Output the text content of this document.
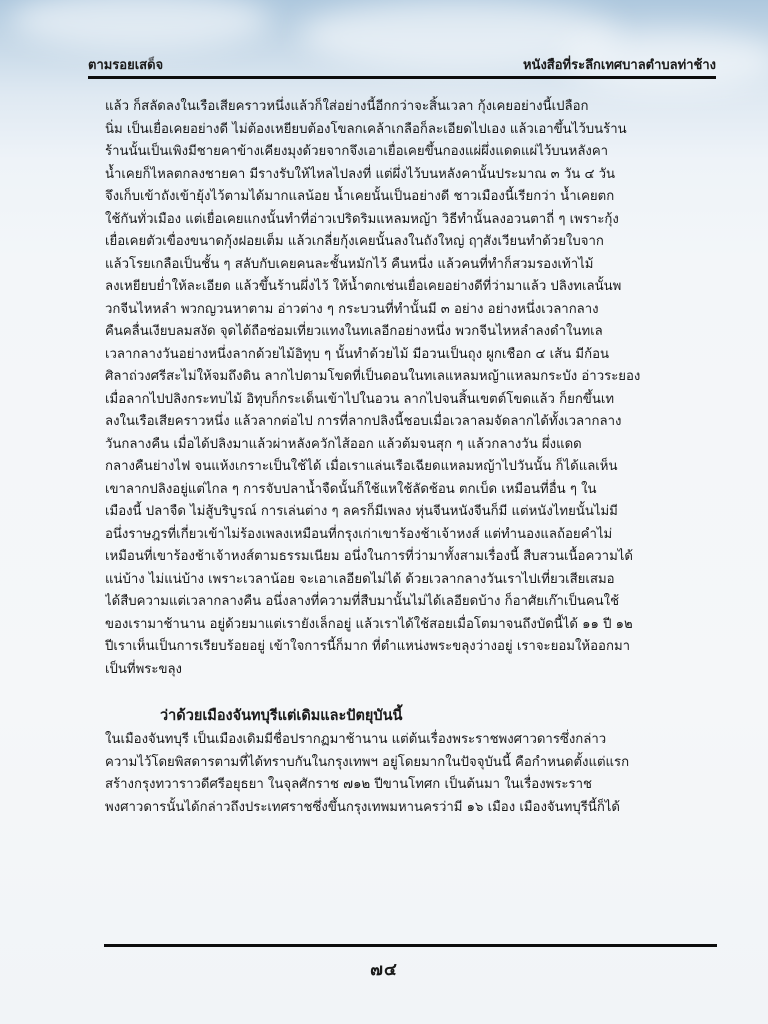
ตามรอยเสด็จ	หนังสือที่ระลึกเทศบาลตำบลท่าช้าง
แล้ว ก็สลัดลงในเรือเสียคราวหนึ่งแล้วก็ใส่อย่างนี้อีกกว่าจะสิ้นเวลา กุ้งเคยอย่างนี้เปลือก
นิ่ม เป็นเยื่อเคยอย่างดี ไม่ต้องเหยียบต้องโขลกเคล้าเกลือก็ละเอียดไปเอง แล้วเอาขึ้นไว้บนร้าน
ร้านนั้นเป็นเพิงมีชายคาข้างเคียงมุงด้วยจากจึงเอาเยื่อเคยขึ้นกองแผ่ผึ่งแดดแผ่ไว้บนหลังคา
น้ำเคยก็ไหลตกลงชายคา มีรางรับให้ไหลไปลงที่ แต่ผึ่งไว้บนหลังคานั้นประมาณ ๓ วัน ๔ วัน
จึงเก็บเข้าถังเข้ายุ้งไว้ตามได้มากแลน้อย น้ำเคยนั้นเป็นอย่างดี ชาวเมืองนี้เรียกว่า น้ำเคยตก
ใช้กันทั่วเมือง แต่เยื่อเคยแกงนั้นทำที่อ่าวเปริดริมแหลมหญ้า วิธีทำนั้นลงอวนตาถี่ ๆ เพราะกุ้ง
เยื่อเคยตัวเขื่องขนาดกุ้งฝอยเต็ม แล้วเกลี่ยกุ้งเคยนั้นลงในถังใหญ่ ฤๅสังเวียนทำด้วยใบจาก
แล้วโรยเกลือเป็นชั้น ๆ สลับกับเคยคนละชั้นหมักไว้ คืนหนึ่ง แล้วคนที่ทำก็สวมรองเท้าไม้
ลงเหยียบย่ำให้ละเอียด แล้วขึ้นร้านผึ่งไว้ ให้น้ำตกเช่นเยื่อเคยอย่างดีที่ว่ามาแล้ว ปลิงทเลนั้นพ
วกจีนไหหลำ พวกญวนหาตาม อ่าวต่าง ๆ กระบวนที่ทำนั้นมี ๓ อย่าง อย่างหนึ่งเวลากลาง
คืนคลื่นเงียบลมสงัด จุดไต้ถือซ่อมเที่ยวแทงในทเลอีกอย่างหนึ่ง พวกจีนไหหลำลงดำในทเล
เวลากลางวันอย่างหนึ่งลากด้วยไม้อิทุบ ๆ นั้นทำด้วยไม้ มีอวนเป็นถุง ผูกเชือก ๔ เส้น มีก้อน
ศิลาถ่วงศรีสะไม่ให้จมถึงดิน ลากไปตามโขดที่เป็นดอนในทเลแหลมหญ้าแหลมกระบัง อ่าวระยอง
เมื่อลากไปปลิงกระทบไม้ อิทุบก็กระเด็นเข้าไปในอวน ลากไปจนสิ้นเขตต์โขดแล้ว ก็ยกขึ้นเท
ลงในเรือเสียคราวหนึ่ง แล้วลากต่อไป การที่ลากปลิงนี้ชอบเมื่อเวลาลมจัดลากได้ทั้งเวลากลาง
วันกลางคืน เมื่อได้ปลิงมาแล้วผ่าหลังควักไส้ออก แล้วต้มจนสุก ๆ แล้วกลางวัน ผึ่งแดด
กลางคืนย่างไฟ จนแห้งเกราะเป็นใช้ได้ เมื่อเราแล่นเรือเฉียดแหลมหญ้าไปวันนั้น ก็ได้แลเห็น
เขาลากปลิงอยู่แต่ไกล ๆ การจับปลาน้ำจืดนั้นก็ใช้แหใช้ลัดช้อน ตกเบ็ด เหมือนที่อื่น ๆ ใน
เมืองนี้ ปลาจืด ไม่สู้บริบูรณ์ การเล่นต่าง ๆ ลครก็มีเพลง หุ่นจีนหนังจีนก็มี แต่หนังไทยนั้นไม่มี
อนึ่งราษฎรที่เกี่ยวเข้าไม่ร้องเพลงเหมือนที่กรุงเก่าเขาร้องช้าเจ้าหงส์ แต่ทำนองแลถ้อยคำไม่
เหมือนที่เขาร้องช้าเจ้าหงส์ตามธรรมเนียม อนึ่งในการที่ว่ามาทั้งสามเรื่องนี้ สืบสวนเนื้อความได้
แน่บ้าง ไม่แน่บ้าง เพราะเวลาน้อย จะเอาเลอียดไม่ได้ ด้วยเวลากลางวันเราไปเที่ยวเสียเสมอ
ได้สืบความแต่เวลากลางคืน อนึ่งลางที่ความที่สืบมานั้นไม่ได้เลอียดบ้าง ก็อาศัยเก๊าเป็นคนใช้
ของเรามาช้านาน อยู่ด้วยมาแต่เรายังเล็กอยู่ แล้วเราได้ใช้สอยเมื่อโตมาจนถึงบัดนี้ได้ ๑๑ ปี ๑๒
ปีเราเห็นเป็นการเรียบร้อยอยู่ เข้าใจการนี้ก็มาก ที่ตำแหน่งพระขลุงว่างอยู่ เราจะยอมให้ออกมา
เป็นที่พระขลุง
ว่าด้วยเมืองจันทบุรีแต่เดิมและปัตยุบันนี้
ในเมืองจันทบุรี เป็นเมืองเดิมมีชื่อปรากฏมาช้านาน แต่ต้นเรื่องพระราชพงศาวดารซึ่งกล่าว
ความไว้โดยพิสดารตามที่ได้ทราบกันในกรุงเทพฯ อยู่โดยมากในปัจจุบันนี้ คือกำหนดตั้งแต่แรก
สร้างกรุงทวาราวดีศรีอยุธยา ในจุลศักราช ๗๑๒ ปีขานโทศก เป็นต้นมา ในเรื่องพระราช
พงศาวดารนั้นได้กล่าวถึงประเทศราชซึ่งขึ้นกรุงเทพมหานครว่ามี ๑๖ เมือง เมืองจันทบุรีนี้ก็ได้
๗๔
